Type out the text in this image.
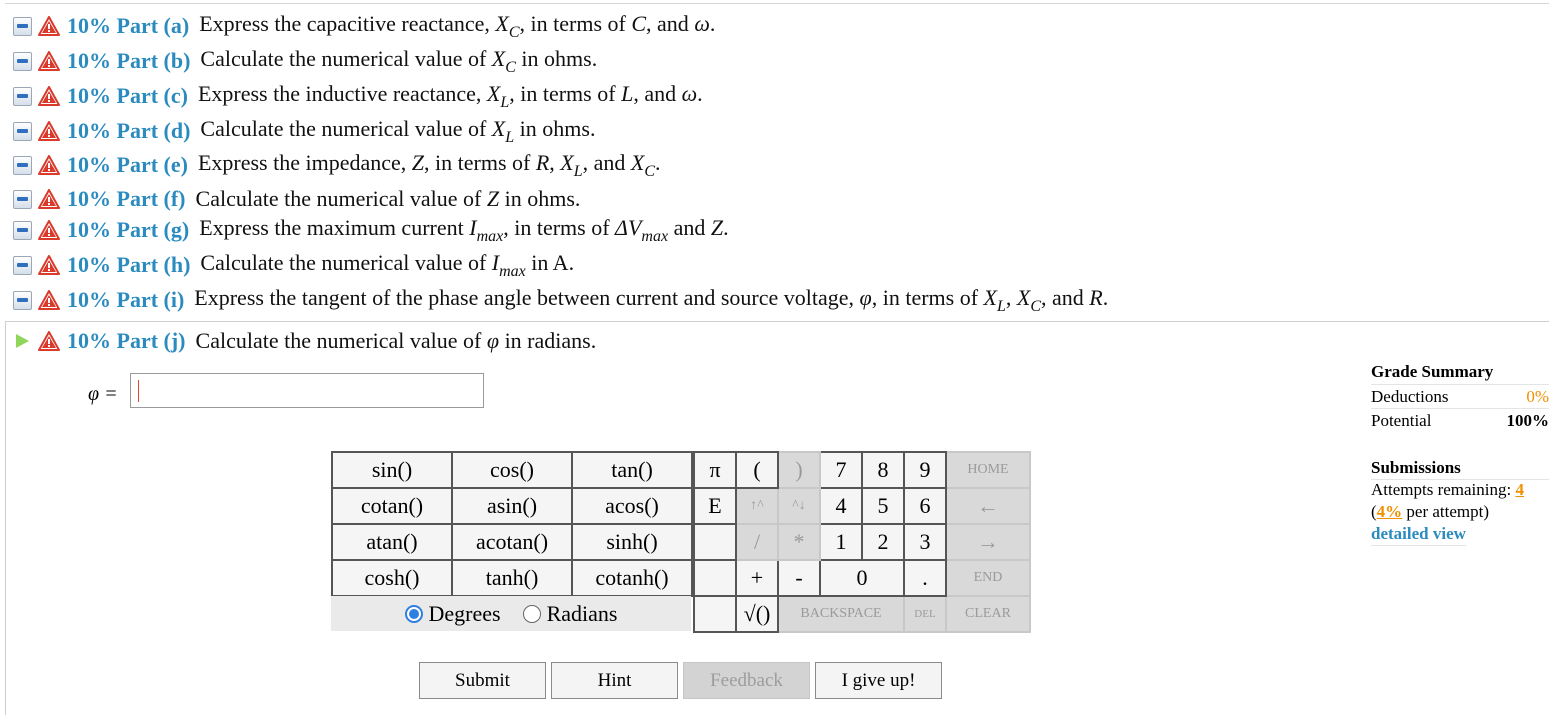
10% Part (a) Express the capacitive reactance, $X_C$, in terms of C, and ω.
10% Part (b) Calculate the numerical value of $X_C$ in ohms.
10% Part (c) Express the inductive reactance, $X_L$, in terms of L, and ω.
10% Part (d) Calculate the numerical value of $X_L$ in ohms.
10% Part (e) Express the impedance, Z, in terms of R, $X_L$, and $X_C$.
10% Part (f) Calculate the numerical value of Z in ohms.
10% Part (g) Express the maximum current $I_{max}$, in terms of $\Delta V_{max}$ and Z.
10% Part (h) Calculate the numerical value of $I_{max}$ in A.
10% Part (i) Express the tangent of the phase angle between current and source voltage, φ, in terms of $X_L$, $X_C$, and R.
10% Part (j) Calculate the numerical value of φ in radians.
φ =
sin()	cos()	tan()
cotan()	asin()	acos()
atan()	acotan()	sinh()
cosh()	tanh()	cotanh()
Degrees Radians
π	(	)	7	8	9	HOME
E	↑^	^↓	4	5	6	←
	/	*	1	2	3	→
	+	-	0		.	END
	√()	BACKSPACE			DEL	CLEAR
Submit	Hint	Feedback	I give up!
Grade Summary
Deductions	0%
Potential	100%
Submissions
Attempts remaining: 4
(4% per attempt)
detailed view
